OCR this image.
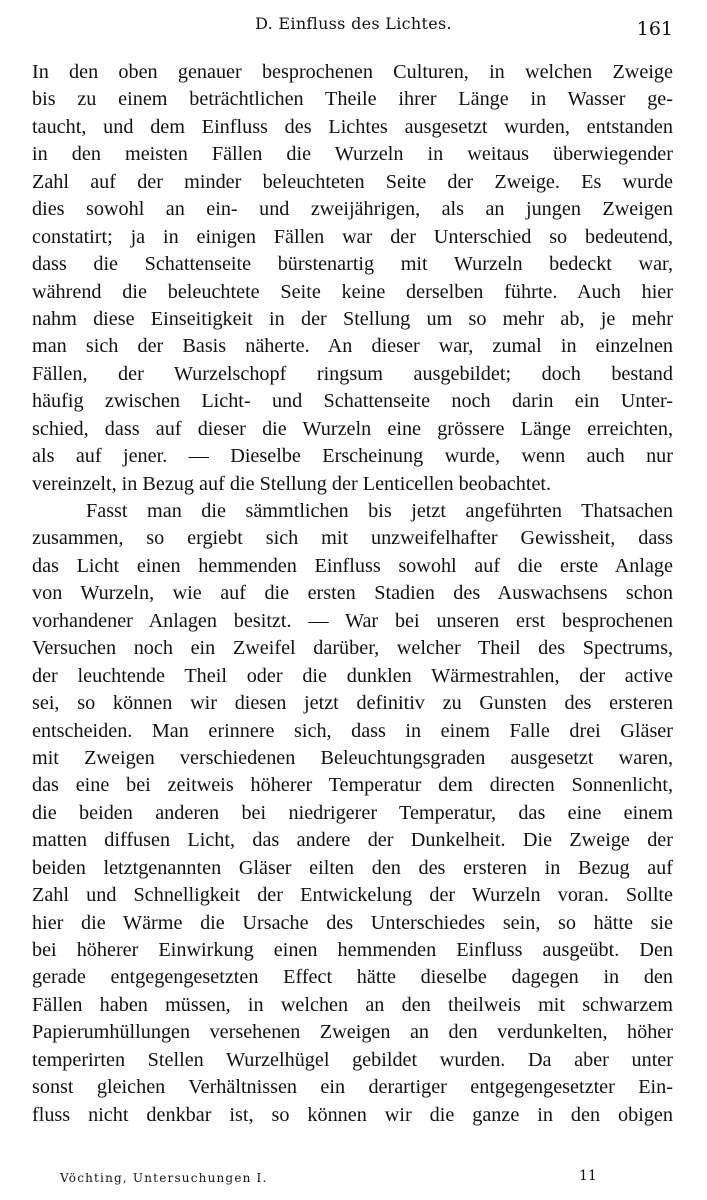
D. Einfluss des Lichtes.	161
In den oben genauer besprochenen Culturen, in welchen Zweige
bis zu einem beträchtlichen Theile ihrer Länge in Wasser ge-
taucht, und dem Einfluss des Lichtes ausgesetzt wurden, entstanden
in den meisten Fällen die Wurzeln in weitaus überwiegender
Zahl auf der minder beleuchteten Seite der Zweige. Es wurde
dies sowohl an ein- und zweijährigen, als an jungen Zweigen
constatirt; ja in einigen Fällen war der Unterschied so bedeutend,
dass die Schattenseite bürstenartig mit Wurzeln bedeckt war,
während die beleuchtete Seite keine derselben führte. Auch hier
nahm diese Einseitigkeit in der Stellung um so mehr ab, je mehr
man sich der Basis näherte. An dieser war, zumal in einzelnen
Fällen, der Wurzelschopf ringsum ausgebildet; doch bestand
häufig zwischen Licht- und Schattenseite noch darin ein Unter-
schied, dass auf dieser die Wurzeln eine grössere Länge erreichten,
als auf jener. — Dieselbe Erscheinung wurde, wenn auch nur
vereinzelt, in Bezug auf die Stellung der Lenticellen beobachtet.
Fasst man die sämmtlichen bis jetzt angeführten Thatsachen
zusammen, so ergiebt sich mit unzweifelhafter Gewissheit, dass
das Licht einen hemmenden Einfluss sowohl auf die erste Anlage
von Wurzeln, wie auf die ersten Stadien des Auswachsens schon
vorhandener Anlagen besitzt. — War bei unseren erst besprochenen
Versuchen noch ein Zweifel darüber, welcher Theil des Spectrums,
der leuchtende Theil oder die dunklen Wärmestrahlen, der active
sei, so können wir diesen jetzt definitiv zu Gunsten des ersteren
entscheiden. Man erinnere sich, dass in einem Falle drei Gläser
mit Zweigen verschiedenen Beleuchtungsgraden ausgesetzt waren,
das eine bei zeitweis höherer Temperatur dem directen Sonnenlicht,
die beiden anderen bei niedrigerer Temperatur, das eine einem
matten diffusen Licht, das andere der Dunkelheit. Die Zweige der
beiden letztgenannten Gläser eilten den des ersteren in Bezug auf
Zahl und Schnelligkeit der Entwickelung der Wurzeln voran. Sollte
hier die Wärme die Ursache des Unterschiedes sein, so hätte sie
bei höherer Einwirkung einen hemmenden Einfluss ausgeübt. Den
gerade entgegengesetzten Effect hätte dieselbe dagegen in den
Fällen haben müssen, in welchen an den theilweis mit schwarzem
Papierumhüllungen versehenen Zweigen an den verdunkelten, höher
temperirten Stellen Wurzelhügel gebildet wurden. Da aber unter
sonst gleichen Verhältnissen ein derartiger entgegengesetzter Ein-
fluss nicht denkbar ist, so können wir die ganze in den obigen
Vöchting, Untersuchungen I.	11
